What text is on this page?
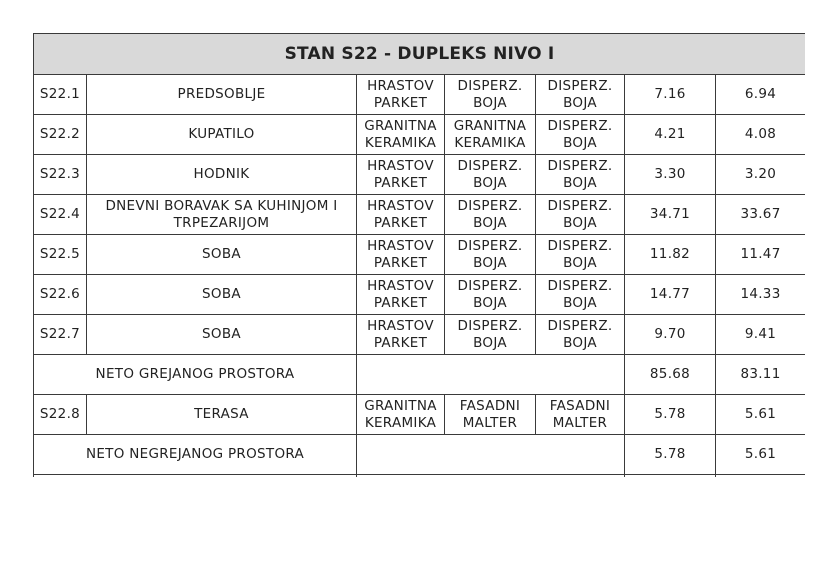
STAN S22 - DUPLEKS NIVO I						
S22.1	PREDSOBLJE	HRASTOV PARKET	DISPERZ. BOJA	DISPERZ. BOJA	7.16	6.94
S22.2	KUPATILO	GRANITNA KERAMIKA	GRANITNA KERAMIKA	DISPERZ. BOJA	4.21	4.08
S22.3	HODNIK	HRASTOV PARKET	DISPERZ. BOJA	DISPERZ. BOJA	3.30	3.20
S22.4	DNEVNI BORAVAK SA KUHINJOM I TRPEZARIJOM	HRASTOV PARKET	DISPERZ. BOJA	DISPERZ. BOJA	34.71	33.67
S22.5	SOBA	HRASTOV PARKET	DISPERZ. BOJA	DISPERZ. BOJA	11.82	11.47
S22.6	SOBA	HRASTOV PARKET	DISPERZ. BOJA	DISPERZ. BOJA	14.77	14.33
S22.7	SOBA	HRASTOV PARKET	DISPERZ. BOJA	DISPERZ. BOJA	9.70	9.41
NETO GREJANOG PROSTORA					85.68	83.11
S22.8	TERASA	GRANITNA KERAMIKA	FASADNI MALTER	FASADNI MALTER	5.78	5.61
NETO NEGREJANOG PROSTORA					5.78	5.61
